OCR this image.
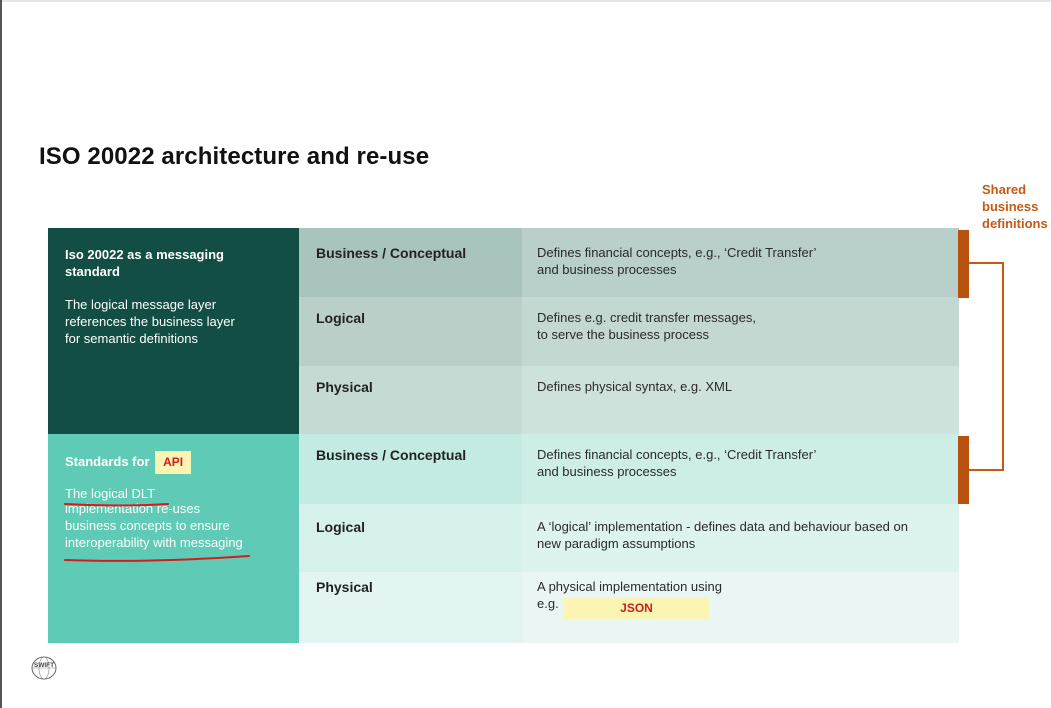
ISO 20022 architecture and re-use
Shared
business
definitions
Iso 20022 as a messaging
standard
The logical message layer
references the business layer
for semantic definitions
Standards for API
The logical DLT
implementation re-uses
business concepts to ensure
interoperability with messaging
Business / Conceptual	Defines financial concepts, e.g., ‘Credit Transfer’
and business processes
Logical	Defines e.g. credit transfer messages,
to serve the business process
Physical	Defines physical syntax, e.g. XML
Business / Conceptual	Defines financial concepts, e.g., ‘Credit Transfer’
and business processes
Logical	A ‘logical’ implementation - defines data and behaviour based on
new paradigm assumptions
Physical	A physical implementation using
e.g.	JSON
SWIFT
